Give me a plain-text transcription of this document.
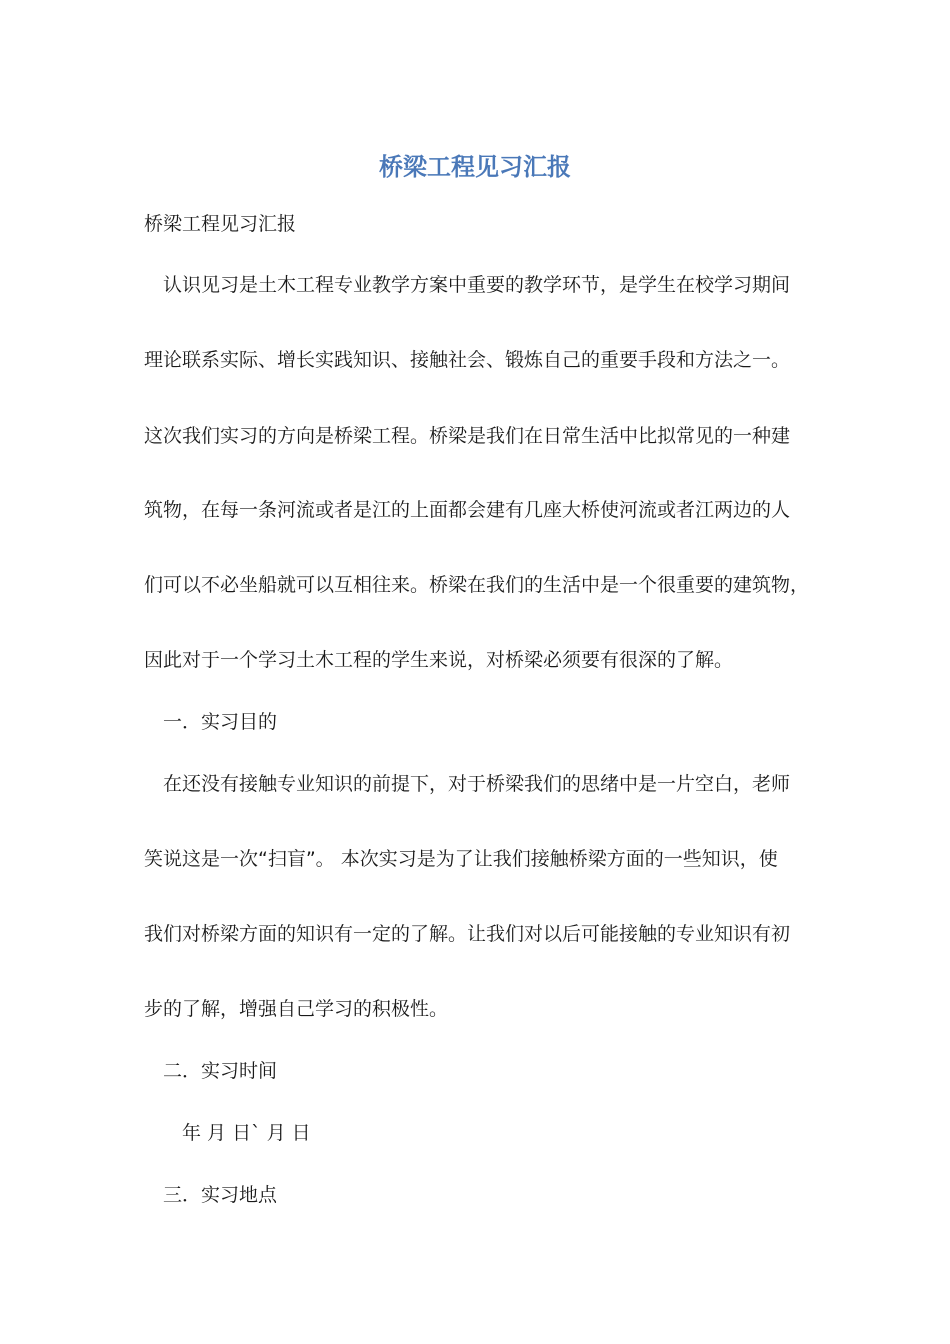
桥梁工程见习汇报

桥梁工程见习汇报

认识见习是土木工程专业教学方案中重要的教学环节，是学生在校学习期间

理论联系实际、增长实践知识、接触社会、锻炼自己的重要手段和方法之一。

这次我们实习的方向是桥梁工程。桥梁是我们在日常生活中比拟常见的一种建

筑物，在每一条河流或者是江的上面都会建有几座大桥使河流或者江两边的人

们可以不必坐船就可以互相往来。桥梁在我们的生活中是一个很重要的建筑物，

因此对于一个学习土木工程的学生来说，对桥梁必须要有很深的了解。

一．实习目的

在还没有接触专业知识的前提下，对于桥梁我们的思绪中是一片空白，老师

笑说这是一次“扫盲”。 本次实习是为了让我们接触桥梁方面的一些知识，使

我们对桥梁方面的知识有一定的了解。让我们对以后可能接触的专业知识有初

步的了解，增强自己学习的积极性。

二．实习时间

年 月 日ˋ 月 日

三．实习地点
